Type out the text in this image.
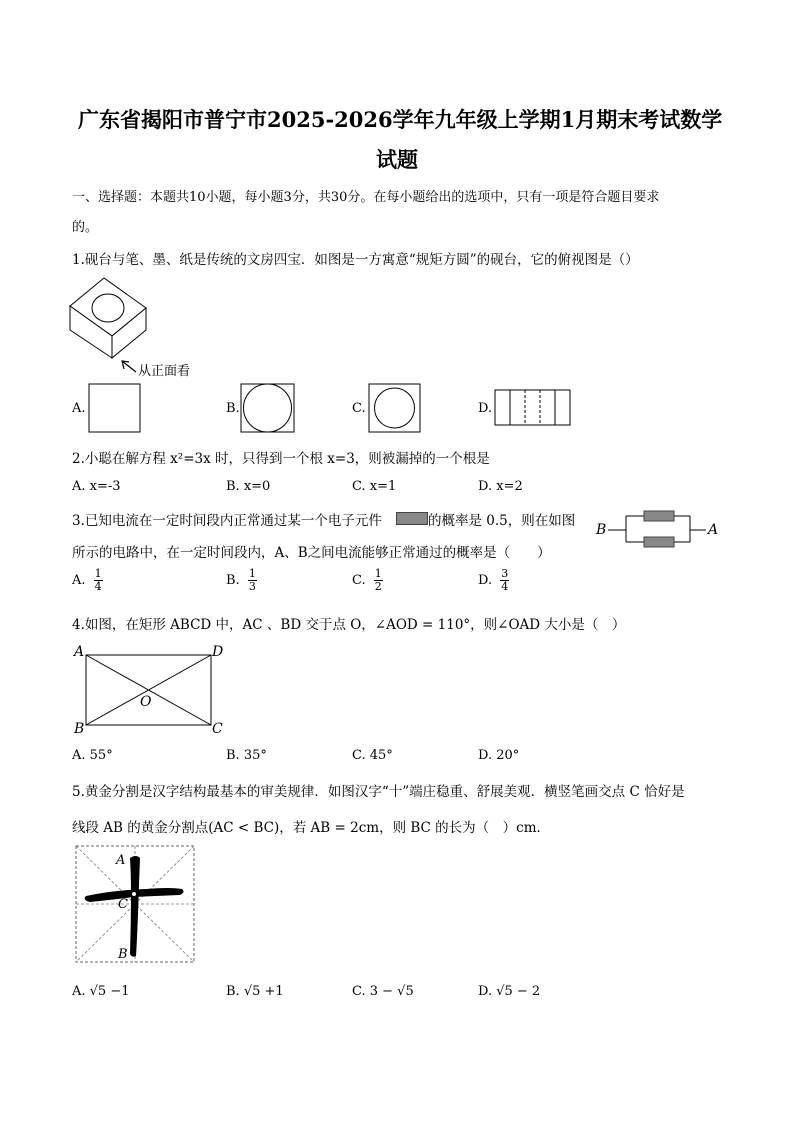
广东省揭阳市普宁市2025-2026学年九年级上学期1月期末考试数学
试题
一、选择题：本题共10小题，每小题3分，共30分。在每小题给出的选项中，只有一项是符合题目要求
的。
1.砚台与笔、墨、纸是传统的文房四宝．如图是一方寓意“规矩方圆”的砚台，它的俯视图是（）
从正面看
A.	B.	C.	D.
2.小聪在解方程 x²=3x 时，只得到一个根 x=3，则被漏掉的一个根是
A. x=-3	B. x=0	C. x=1	D. x=2
3.已知电流在一定时间段内正常通过某一个电子元件	的概率是 0.5，则在如图
所示的电路中，在一定时间段内，A、B之间电流能够正常通过的概率是（　　）
B	A
A. $\frac{1}{4}$	B. $\frac{1}{3}$	C. $\frac{1}{2}$	D. $\frac{3}{4}$
4.如图，在矩形 ABCD 中，AC 、BD 交于点 O，∠AOD = 110°，则∠OAD 大小是（　）
A	D
B	C
O
A. 55°	B. 35°	C. 45°	D. 20°
5.黄金分割是汉字结构最基本的审美规律．如图汉字“十”端庄稳重、舒展美观．横竖笔画交点 C 恰好是
线段 AB 的黄金分割点(AC < BC)，若 AB = 2cm，则 BC 的长为（　）cm．
A
C
B
A. √5 −1	B. √5 +1	C. 3 − √5	D. √5 − 2
